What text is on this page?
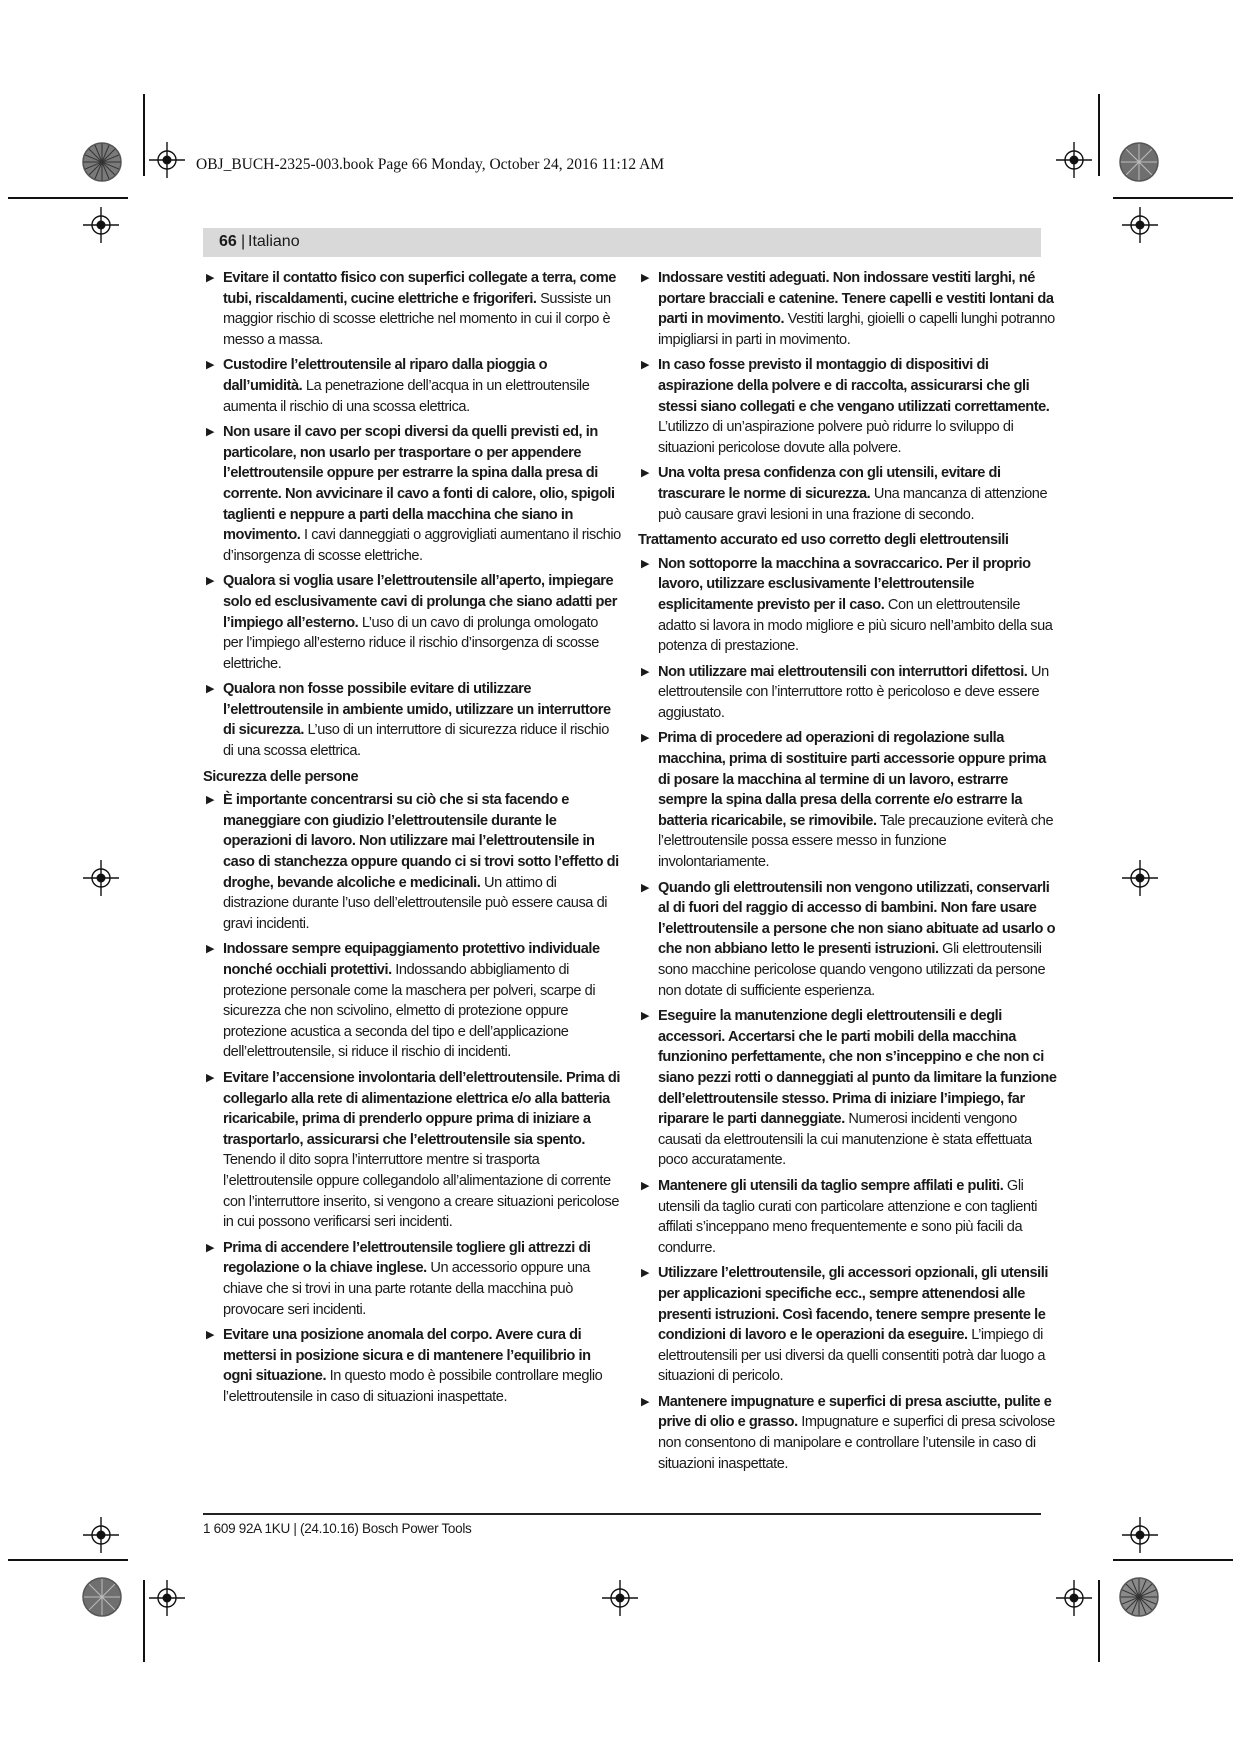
OBJ_BUCH-2325-003.book Page 66 Monday, October 24, 2016 11:12 AM
66 | Italiano
▶ Evitare il contatto fisico con superfici collegate a terra, come tubi, riscaldamenti, cucine elettriche e frigoriferi. Sussiste un maggior rischio di scosse elettriche nel momento in cui il corpo è messo a massa.
▶ Custodire l’elettroutensile al riparo dalla pioggia o dall’umidità. La penetrazione dell’acqua in un elettroutensile aumenta il rischio di una scossa elettrica.
▶ Non usare il cavo per scopi diversi da quelli previsti ed, in particolare, non usarlo per trasportare o per appendere l’elettroutensile oppure per estrarre la spina dalla presa di corrente. Non avvicinare il cavo a fonti di calore, olio, spigoli taglienti e neppure a parti della macchina che siano in movimento. I cavi danneggiati o aggrovigliati aumentano il rischio d’insorgenza di scosse elettriche.
▶ Qualora si voglia usare l’elettroutensile all’aperto, impiegare solo ed esclusivamente cavi di prolunga che siano adatti per l’impiego all’esterno. L’uso di un cavo di prolunga omologato per l’impiego all’esterno riduce il rischio d’insorgenza di scosse elettriche.
▶ Qualora non fosse possibile evitare di utilizzare l’elettroutensile in ambiente umido, utilizzare un interruttore di sicurezza. L’uso di un interruttore di sicurezza riduce il rischio di una scossa elettrica.
Sicurezza delle persone
▶ È importante concentrarsi su ciò che si sta facendo e maneggiare con giudizio l’elettroutensile durante le operazioni di lavoro. Non utilizzare mai l’elettroutensile in caso di stanchezza oppure quando ci si trovi sotto l’effetto di droghe, bevande alcoliche e medicinali. Un attimo di distrazione durante l’uso dell’elettroutensile può essere causa di gravi incidenti.
▶ Indossare sempre equipaggiamento protettivo individuale nonché occhiali protettivi. Indossando abbigliamento di protezione personale come la maschera per polveri, scarpe di sicurezza che non scivolino, elmetto di protezione oppure protezione acustica a seconda del tipo e dell’applicazione dell’elettroutensile, si riduce il rischio di incidenti.
▶ Evitare l’accensione involontaria dell’elettroutensile. Prima di collegarlo alla rete di alimentazione elettrica e/o alla batteria ricaricabile, prima di prenderlo oppure prima di iniziare a trasportarlo, assicurarsi che l’elettroutensile sia spento. Tenendo il dito sopra l’interruttore mentre si trasporta l’elettroutensile oppure collegandolo all’alimentazione di corrente con l’interruttore inserito, si vengono a creare situazioni pericolose in cui possono verificarsi seri incidenti.
▶ Prima di accendere l’elettroutensile togliere gli attrezzi di regolazione o la chiave inglese. Un accessorio oppure una chiave che si trovi in una parte rotante della macchina può provocare seri incidenti.
▶ Evitare una posizione anomala del corpo. Avere cura di mettersi in posizione sicura e di mantenere l’equilibrio in ogni situazione. In questo modo è possibile controllare meglio l’elettroutensile in caso di situazioni inaspettate.
▶ Indossare vestiti adeguati. Non indossare vestiti larghi, né portare bracciali e catenine. Tenere capelli e vestiti lontani da parti in movimento. Vestiti larghi, gioielli o capelli lunghi potranno impigliarsi in parti in movimento.
▶ In caso fosse previsto il montaggio di dispositivi di aspirazione della polvere e di raccolta, assicurarsi che gli stessi siano collegati e che vengano utilizzati correttamente. L’utilizzo di un’aspirazione polvere può ridurre lo sviluppo di situazioni pericolose dovute alla polvere.
▶ Una volta presa confidenza con gli utensili, evitare di trascurare le norme di sicurezza. Una mancanza di attenzione può causare gravi lesioni in una frazione di secondo.
Trattamento accurato ed uso corretto degli elettroutensili
▶ Non sottoporre la macchina a sovraccarico. Per il proprio lavoro, utilizzare esclusivamente l’elettroutensile esplicitamente previsto per il caso. Con un elettroutensile adatto si lavora in modo migliore e più sicuro nell’ambito della sua potenza di prestazione.
▶ Non utilizzare mai elettroutensili con interruttori difettosi. Un elettroutensile con l’interruttore rotto è pericoloso e deve essere aggiustato.
▶ Prima di procedere ad operazioni di regolazione sulla macchina, prima di sostituire parti accessorie oppure prima di posare la macchina al termine di un lavoro, estrarre sempre la spina dalla presa della corrente e/o estrarre la batteria ricaricabile, se rimovibile. Tale precauzione eviterà che l’elettroutensile possa essere messo in funzione involontariamente.
▶ Quando gli elettroutensili non vengono utilizzati, conservarli al di fuori del raggio di accesso di bambini. Non fare usare l’elettroutensile a persone che non siano abituate ad usarlo o che non abbiano letto le presenti istruzioni. Gli elettroutensili sono macchine pericolose quando vengono utilizzati da persone non dotate di sufficiente esperienza.
▶ Eseguire la manutenzione degli elettroutensili e degli accessori. Accertarsi che le parti mobili della macchina funzionino perfettamente, che non s’inceppino e che non ci siano pezzi rotti o danneggiati al punto da limitare la funzione dell’elettroutensile stesso. Prima di iniziare l’impiego, far riparare le parti danneggiate. Numerosi incidenti vengono causati da elettroutensili la cui manutenzione è stata effettuata poco accuratamente.
▶ Mantenere gli utensili da taglio sempre affilati e puliti. Gli utensili da taglio curati con particolare attenzione e con taglienti affilati s’inceppano meno frequentemente e sono più facili da condurre.
▶ Utilizzare l’elettroutensile, gli accessori opzionali, gli utensili per applicazioni specifiche ecc., sempre attenendosi alle presenti istruzioni. Così facendo, tenere sempre presente le condizioni di lavoro e le operazioni da eseguire. L’impiego di elettroutensili per usi diversi da quelli consentiti potrà dar luogo a situazioni di pericolo.
▶ Mantenere impugnature e superfici di presa asciutte, pulite e prive di olio e grasso. Impugnature e superfici di presa scivolose non consentono di manipolare e controllare l’utensile in caso di situazioni inaspettate.
1 609 92A 1KU | (24.10.16) Bosch Power Tools
